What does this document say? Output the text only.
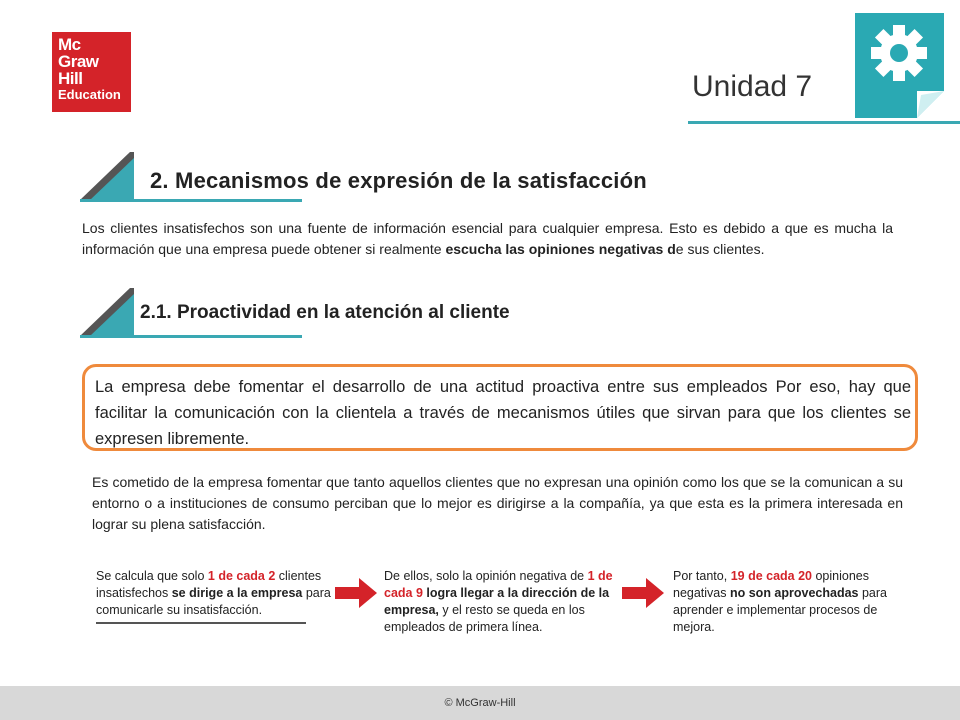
Mc
Graw
Hill
Education	Unidad 7
2. Mecanismos de expresión de la satisfacción
Los clientes insatisfechos son una fuente de información esencial para cualquier empresa. Esto es debido a que es mucha la información que una empresa puede obtener si realmente escucha las opiniones negativas de sus clientes.
2.1. Proactividad en la atención al cliente
La empresa debe fomentar el desarrollo de una actitud proactiva entre sus empleados Por eso, hay que facilitar la comunicación con la clientela a través de mecanismos útiles que sirvan para que los clientes se expresen libremente.
Es cometido de la empresa fomentar que tanto aquellos clientes que no expresan una opinión como los que se la comunican a su entorno o a instituciones de consumo perciban que lo mejor es dirigirse a la compañía, ya que esta es la primera interesada en lograr su plena satisfacción.
Se calcula que solo 1 de cada 2 clientes insatisfechos se dirige a la empresa para comunicarle su insatisfacción.
De ellos, solo la opinión negativa de 1 de cada 9 logra llegar a la dirección de la empresa, y el resto se queda en los empleados de primera línea.
Por tanto, 19 de cada 20 opiniones negativas no son aprovechadas para aprender e implementar procesos de mejora.
© McGraw-Hill
